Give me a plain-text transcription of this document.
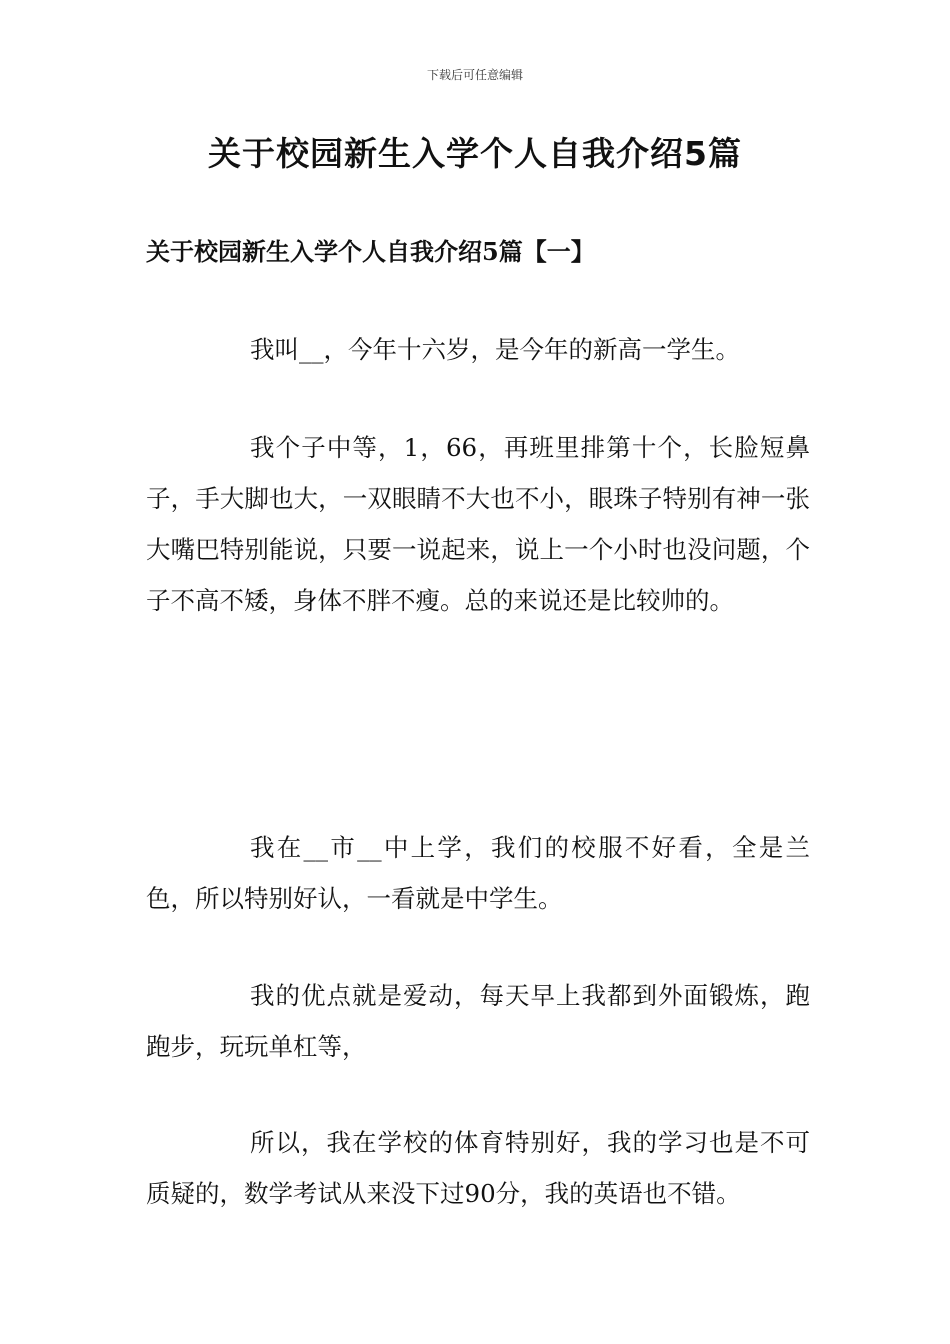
下载后可任意编辑
关于校园新生入学个人自我介绍5篇
关于校园新生入学个人自我介绍5篇【一】

我叫__，今年十六岁，是今年的新高一学生。

我个子中等，1，66，再班里排第十个，长脸短鼻子，手大脚也大，一双眼睛不大也不小，眼珠子特别有神一张大嘴巴特别能说，只要一说起来，说上一个小时也没问题，个子不高不矮，身体不胖不瘦。总的来说还是比较帅的。

我在__市__中上学，我们的校服不好看，全是兰色，所以特别好认，一看就是中学生。

我的优点就是爱动，每天早上我都到外面锻炼，跑跑步，玩玩单杠等，

所以，我在学校的体育特别好，我的学习也是不可质疑的，数学考试从来没下过90分，我的英语也不错。
